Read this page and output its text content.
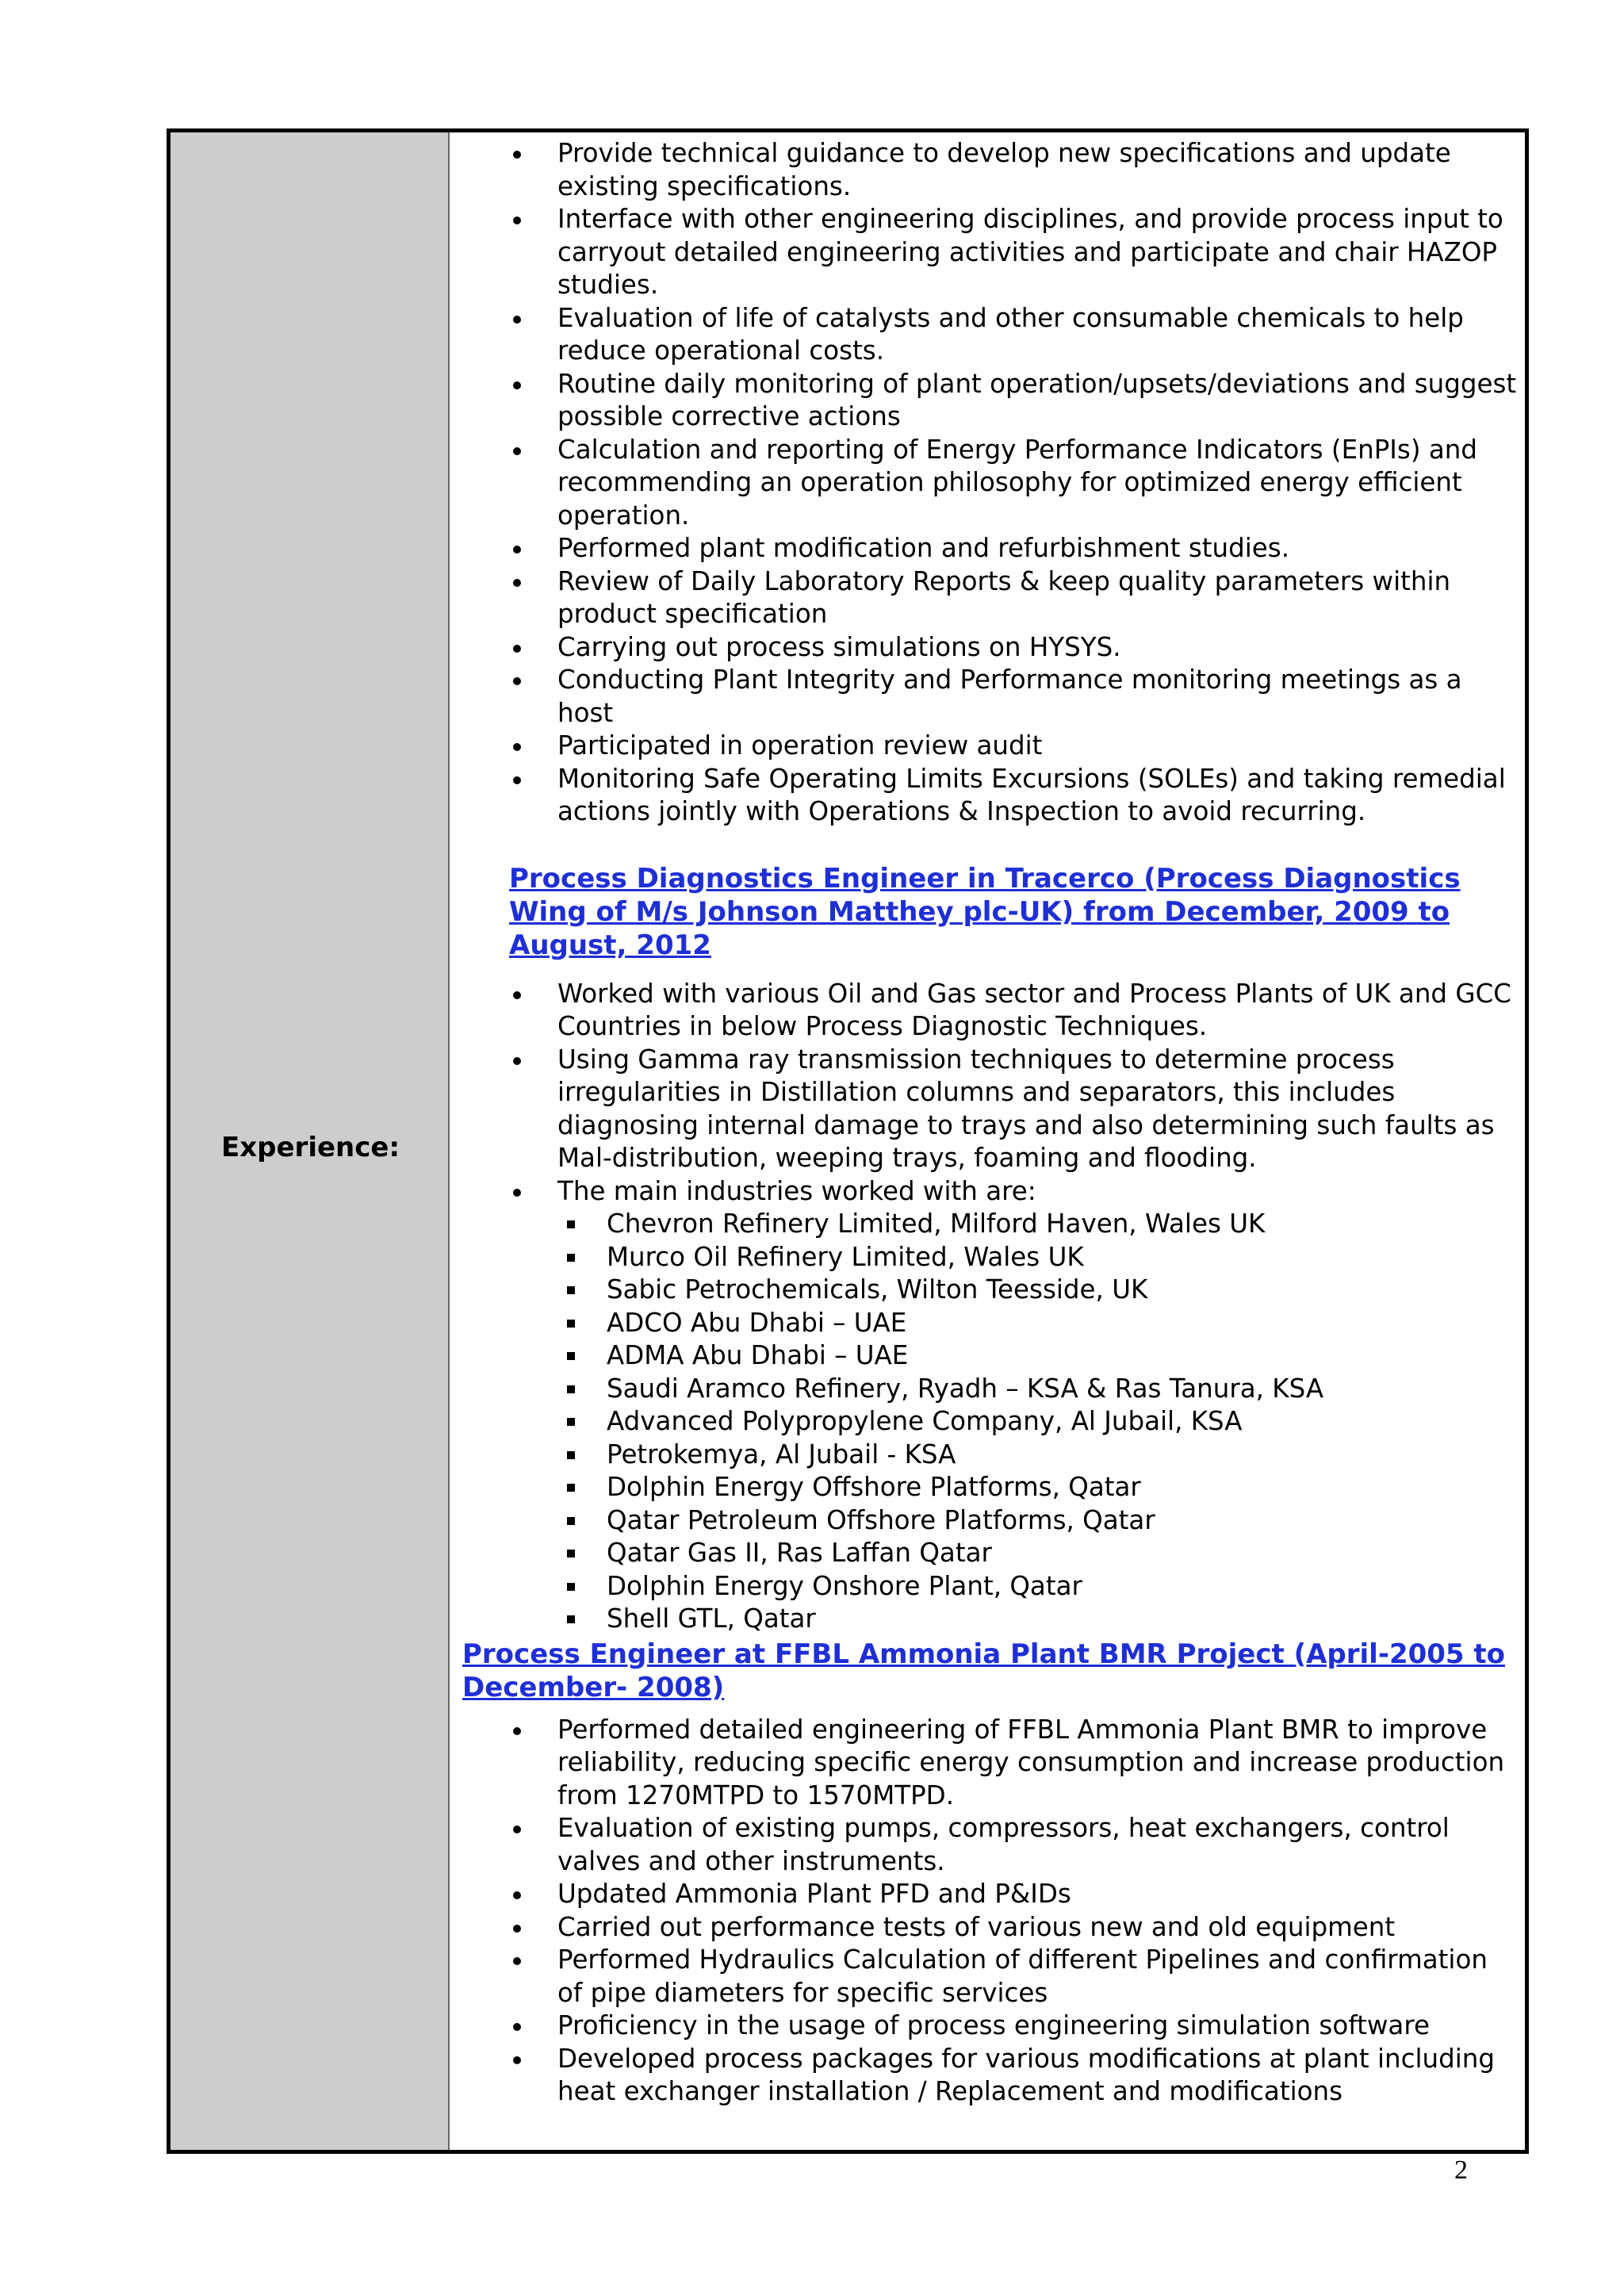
Experience:
Provide technical guidance to develop new specifications and update existing specifications.
Interface with other engineering disciplines, and provide process input to carryout detailed engineering activities and participate and chair HAZOP studies.
Evaluation of life of catalysts and other consumable chemicals to help reduce operational costs.
Routine daily monitoring of plant operation/upsets/deviations and suggest possible corrective actions
Calculation and reporting of Energy Performance Indicators (EnPIs) and recommending an operation philosophy for optimized energy efficient operation.
Performed plant modification and refurbishment studies.
Review of Daily Laboratory Reports & keep quality parameters within product specification
Carrying out process simulations on HYSYS.
Conducting Plant Integrity and Performance monitoring meetings as a host
Participated in operation review audit
Monitoring Safe Operating Limits Excursions (SOLEs) and taking remedial actions jointly with Operations & Inspection to avoid recurring.
Process Diagnostics Engineer in Tracerco (Process Diagnostics Wing of M/s Johnson Matthey plc-UK) from December, 2009 to August, 2012
Worked with various Oil and Gas sector and Process Plants of UK and GCC Countries in below Process Diagnostic Techniques.
Using Gamma ray transmission techniques to determine process irregularities in Distillation columns and separators, this includes diagnosing internal damage to trays and also determining such faults as Mal-distribution, weeping trays, foaming and flooding.
The main industries worked with are:
Chevron Refinery Limited, Milford Haven, Wales UK
Murco Oil Refinery Limited, Wales UK
Sabic Petrochemicals, Wilton Teesside, UK
ADCO Abu Dhabi – UAE
ADMA Abu Dhabi – UAE
Saudi Aramco Refinery, Ryadh – KSA & Ras Tanura, KSA
Advanced Polypropylene Company, Al Jubail, KSA
Petrokemya, Al Jubail - KSA
Dolphin Energy Offshore Platforms, Qatar
Qatar Petroleum Offshore Platforms, Qatar
Qatar Gas II, Ras Laffan Qatar
Dolphin Energy Onshore Plant, Qatar
Shell GTL, Qatar
Process Engineer at FFBL Ammonia Plant BMR Project (April-2005 to December- 2008)
Performed detailed engineering of FFBL Ammonia Plant BMR to improve reliability, reducing specific energy consumption and increase production from 1270MTPD to 1570MTPD.
Evaluation of existing pumps, compressors, heat exchangers, control valves and other instruments.
Updated Ammonia Plant PFD and P&IDs
Carried out performance tests of various new and old equipment
Performed Hydraulics Calculation of different Pipelines and confirmation of pipe diameters for specific services
Proficiency in the usage of process engineering simulation software
Developed process packages for various modifications at plant including heat exchanger installation / Replacement and modifications
2
